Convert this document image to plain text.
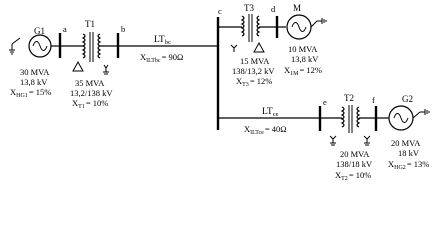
G1
30 MVA
13,8 kV
$X_{HG1}= 15\%$
a T1
35 MVA
13,2/138 kV
$X_{T1}= 10\%$
b
$LT_{bc}$
$X_{ILTbc}= 90\Omega$
c T3
15 MVA
138/13,2 kV
$X_{T3}= 12\%$
d M
10 MVA
13,8 kV
$X_{1M}= 12\%$
$LT_{ce}$
$X_{ILTce}= 40\Omega$
e T2
20 MVA
138/18 kV
$X_{T2}= 10\%$
f	G2
20 MVA
18 kV
$X_{HG2}= 13\%$
